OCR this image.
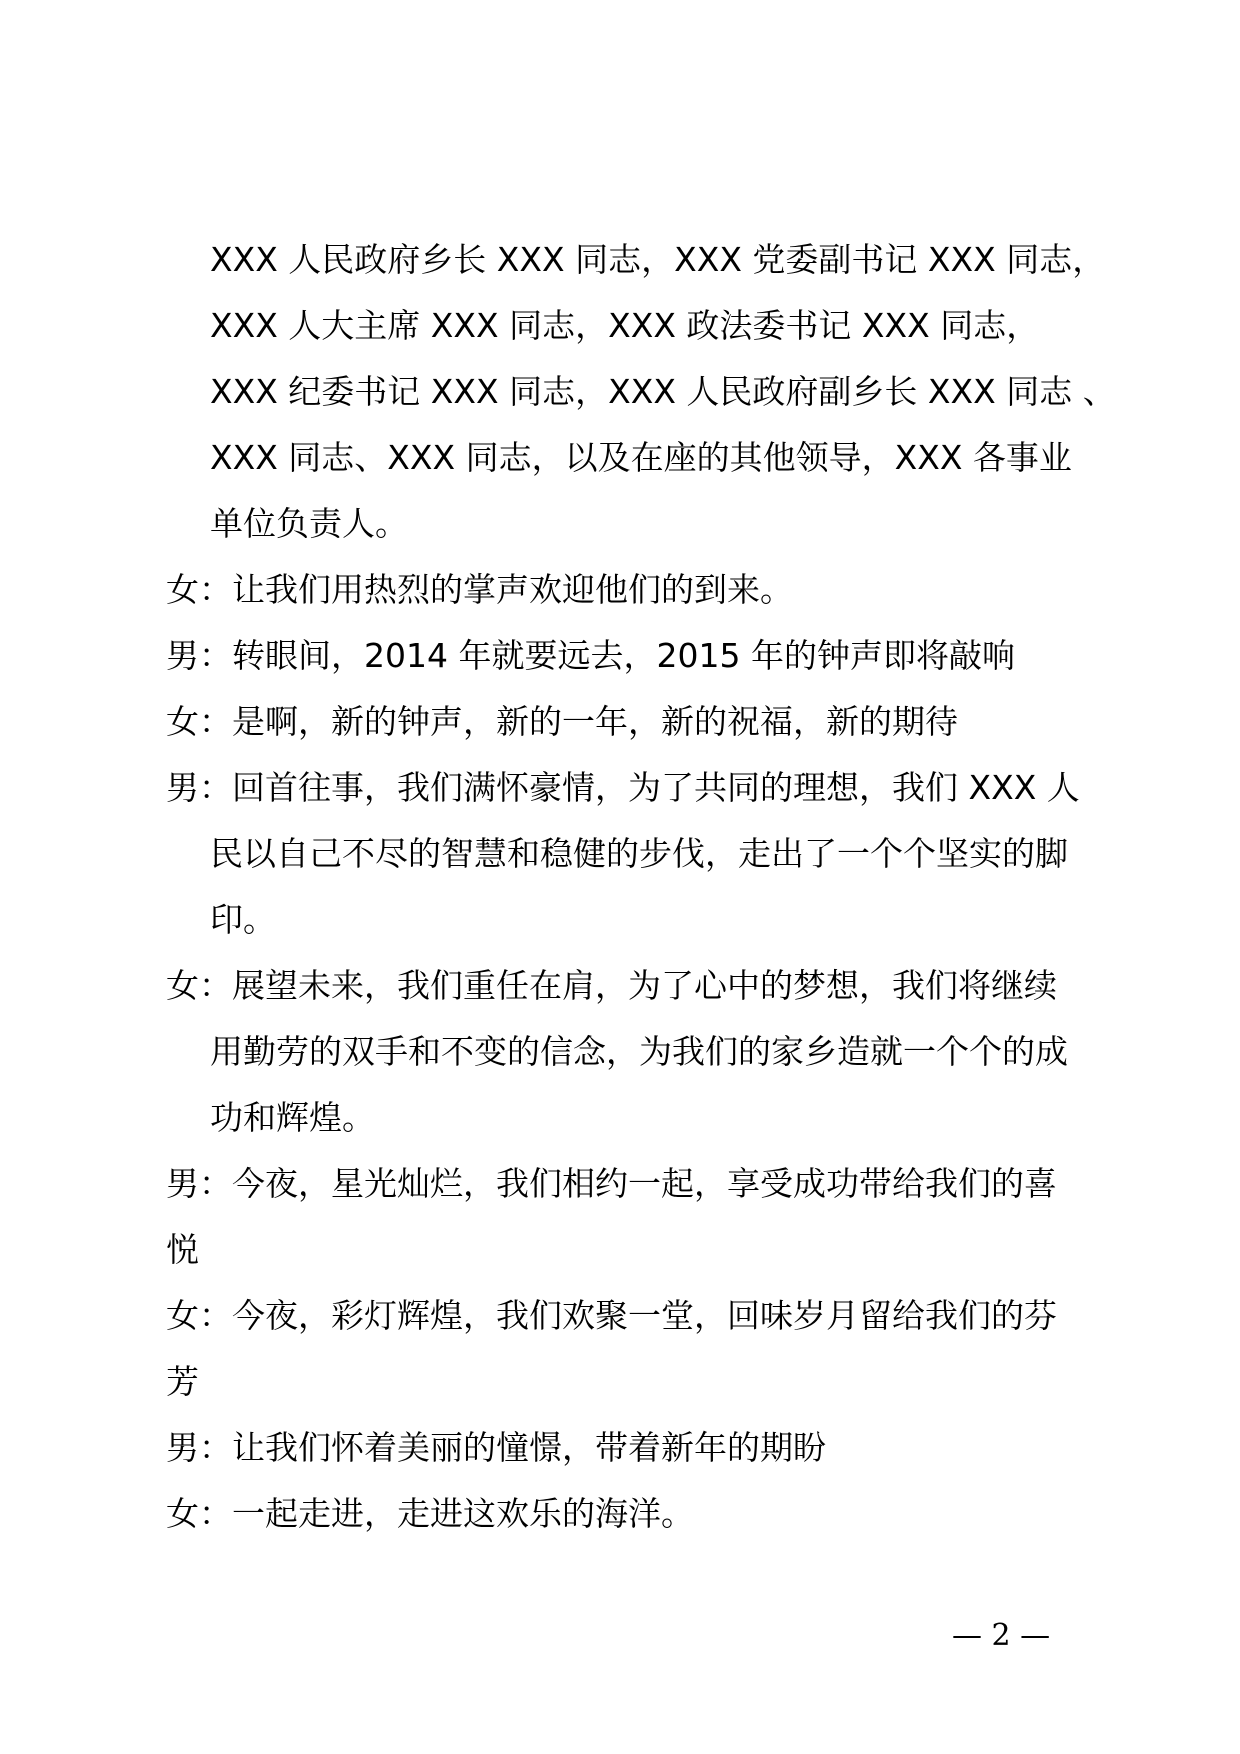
XXX 人民政府乡长 XXX 同志，XXX 党委副书记 XXX 同志，

XXX 人大主席 XXX 同志，XXX 政法委书记 XXX 同志，

XXX 纪委书记 XXX 同志，XXX 人民政府副乡长 XXX 同志 、

XXX 同志、XXX 同志，以及在座的其他领导，XXX 各事业

单位负责人。

女：让我们用热烈的掌声欢迎他们的到来。

男：转眼间，2014 年就要远去，2015 年的钟声即将敲响

女：是啊，新的钟声，新的一年，新的祝福，新的期待

男：回首往事，我们满怀豪情，为了共同的理想，我们 XXX 人

民以自己不尽的智慧和稳健的步伐，走出了一个个坚实的脚

印。

女：展望未来，我们重任在肩，为了心中的梦想，我们将继续

用勤劳的双手和不变的信念，为我们的家乡造就一个个的成

功和辉煌。

男：今夜，星光灿烂，我们相约一起，享受成功带给我们的喜

悦

女：今夜，彩灯辉煌，我们欢聚一堂，回味岁月留给我们的芬

芳

男：让我们怀着美丽的憧憬，带着新年的期盼

女：一起走进，走进这欢乐的海洋。

— 2 —
